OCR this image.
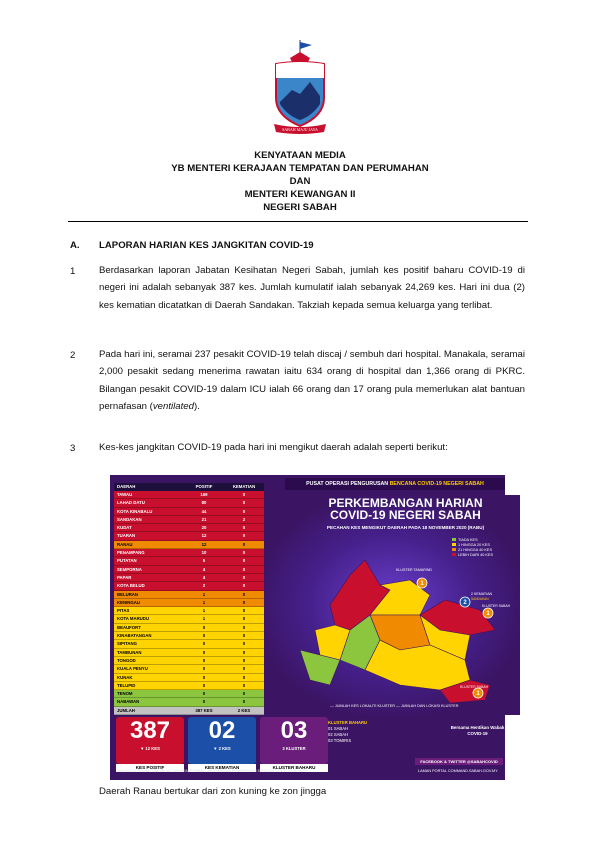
SABAH MAJU JAYA
KENYATAAN MEDIA
YB MENTERI KERAJAAN TEMPATAN DAN PERUMAHAN
DAN
MENTERI KEWANGAN II
NEGERI SABAH
A. LAPORAN HARIAN KES JANGKITAN COVID-19
1 Berdasarkan laporan Jabatan Kesihatan Negeri Sabah, jumlah kes positif baharu COVID-19 di negeri ini adalah sebanyak 387 kes. Jumlah kumulatif ialah sebanyak 24,269 kes. Hari ini dua (2) kes kematian dicatatkan di Daerah Sandakan. Takziah kepada semua keluarga yang terlibat.
2 Pada hari ini, seramai 237 pesakit COVID-19 telah discaj / sembuh dari hospital. Manakala, seramai 2,000 pesakit sedang menerima rawatan iaitu 634 orang di hospital dan 1,366 orang di PKRC. Bilangan pesakit COVID-19 dalam ICU ialah 66 orang dan 17 orang pula memerlukan alat bantuan pernafasan (ventilated).
3 Kes-kes jangkitan COVID-19 pada hari ini mengikut daerah adalah seperti berikut:
PUSAT OPERASI PENGURUSAN BENCANA COVID-19 NEGERI SABAH
DAERAH	POSITIF	KEMATIAN
TAWAU	169	0
LAHAD DATU	80	0
KOTA KINABALU	44	0
SANDAKAN	21	2
KUDAT	20	0
TUARAN	12	0
RANAU	12	0
PENAMPANG	10	0
PUTATAN	5	0
SEMPORNA	4	0
PAPAR	4	0
KOTA BELUD	2	0
BELURAN	1	0
KENINGAU	1	0
PITAS	1	0
KOTA MARUDU	1	0
BEAUFORT	0	0
KINABATANGAN	0	0
SIPITANG	0	0
TAMBUNAN	0	0
TONGOD	0	0
KUALA PENYU	0	0
KUNAK	0	0
TELUPID	0	0
TENOM	0	0
NABAWAN	0	0
JUMLAH	387 KES	2 KES
PERKEMBANGAN HARIAN
COVID-19 NEGERI SABAH
PECAHAN KES MENGIKUT DAERAH PADA 18 NOVEMBER 2020 (RABU)
TIADA KES
1 HINGGA 20 KES
21 HINGGA 40 KES
LEBIH DARI 40 KES
1
2
1
1
KLUSTER TAMARIND
2 KEMATIAN
SANDAKAN
KLUSTER SABAH
KLUSTER SABAH
— JUMLAH KES LOKALITI KLUSTER — JUMLAH DAN LOKASI KLUSTER
387
▼ 12 KES
KES POSITIF
02
▼ 2 KES
KES KEMATIAN
03
3 KLUSTER
KLUSTER BAHARU
KLUSTER BAHARU
01 SABAH
02 SABAH
03 TOMIRIS
Bersama Hentikan Wabak COVID-19
FACEBOOK & TWITTER @SABAHCOVID
LAMAN PORTAL COMMAND.SABAH.GOV.MY
JIKA MALISA KLUSA COMUNIDAD DAN KIMARI NAMA - JIKA SAMBIAN PENGURUSAN BENCANA COVID-19 NEGERI
Daerah Ranau bertukar dari zon kuning ke zon jingga
